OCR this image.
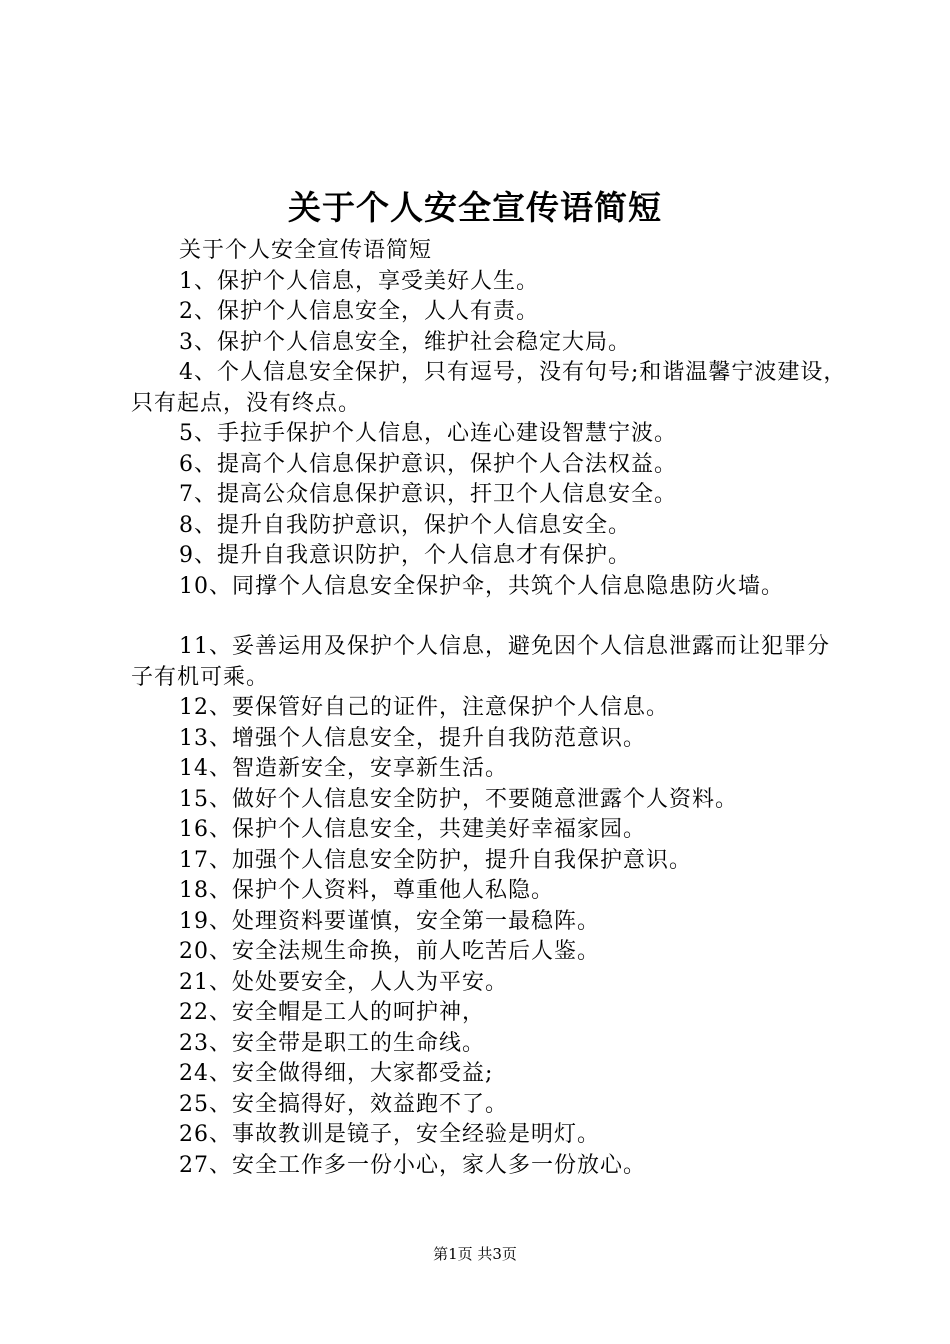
关于个人安全宣传语简短

关于个人安全宣传语简短

1、保护个人信息，享受美好人生。

2、保护个人信息安全，人人有责。

3、保护个人信息安全，维护社会稳定大局。

4、个人信息安全保护，只有逗号，没有句号;和谐温馨宁波建设，只有起点，没有终点。

5、手拉手保护个人信息，心连心建设智慧宁波。

6、提高个人信息保护意识，保护个人合法权益。

7、提高公众信息保护意识，扞卫个人信息安全。

8、提升自我防护意识，保护个人信息安全。

9、提升自我意识防护，个人信息才有保护。

10、同撑个人信息安全保护伞，共筑个人信息隐患防火墙。

11、妥善运用及保护个人信息，避免因个人信息泄露而让犯罪分子有机可乘。

12、要保管好自己的证件，注意保护个人信息。

13、增强个人信息安全，提升自我防范意识。

14、智造新安全，安享新生活。

15、做好个人信息安全防护，不要随意泄露个人资料。

16、保护个人信息安全，共建美好幸福家园。

17、加强个人信息安全防护，提升自我保护意识。

18、保护个人资料，尊重他人私隐。

19、处理资料要谨慎，安全第一最稳阵。

20、安全法规生命换，前人吃苦后人鉴。

21、处处要安全，人人为平安。

22、安全帽是工人的呵护神，

23、安全带是职工的生命线。

24、安全做得细，大家都受益;

25、安全搞得好，效益跑不了。

26、事故教训是镜子，安全经验是明灯。

27、安全工作多一份小心，家人多一份放心。

第1页 共3页
